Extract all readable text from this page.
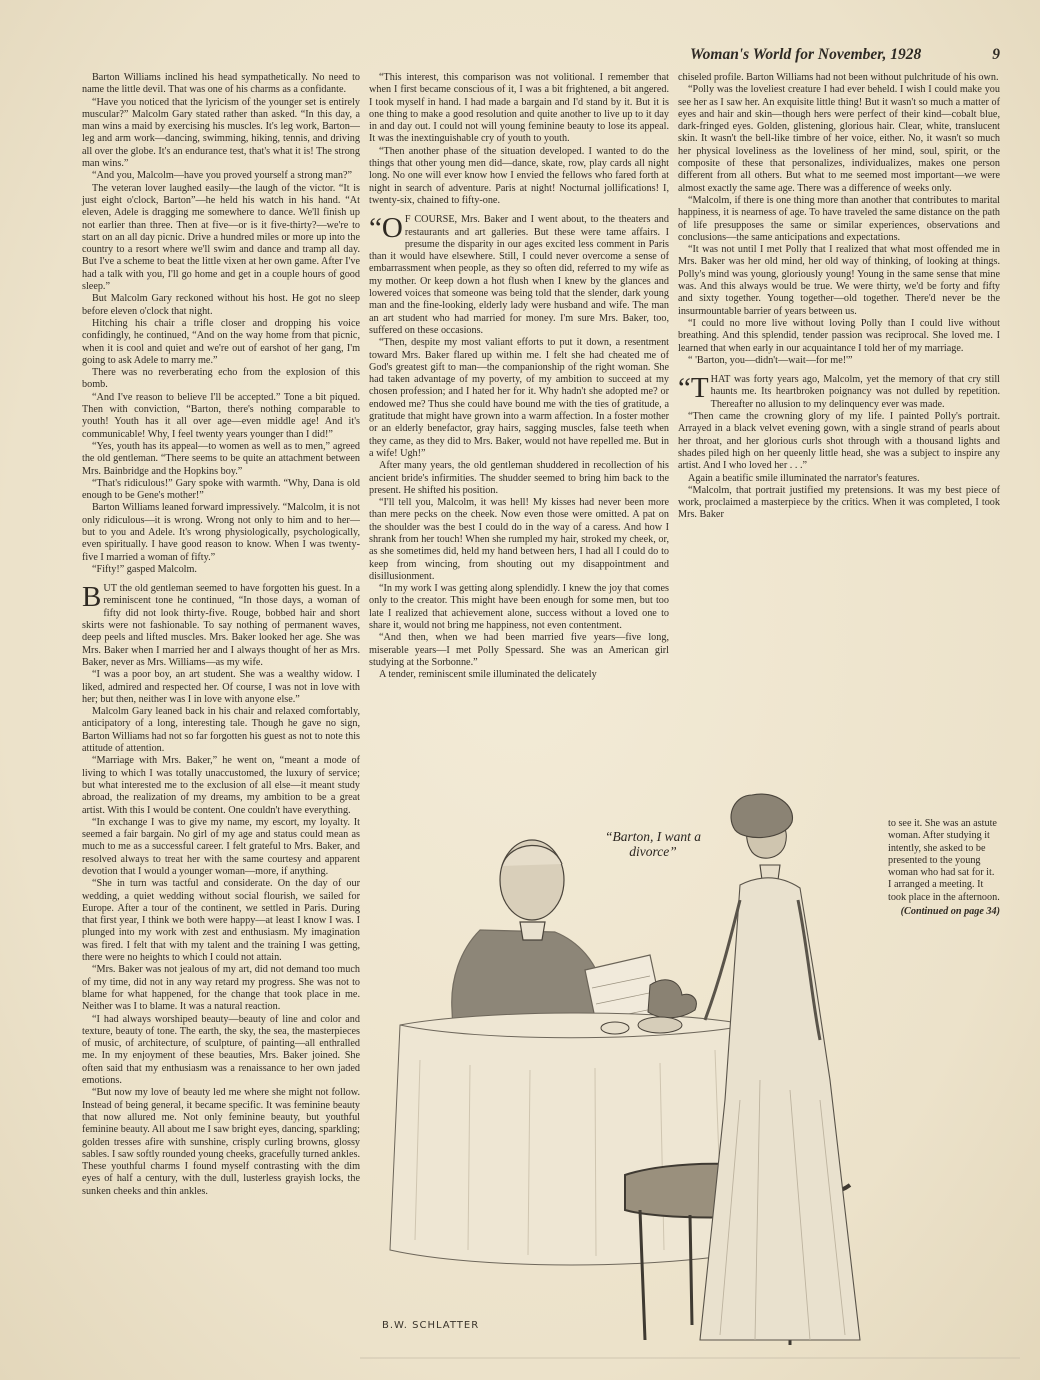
Woman's World for November, 1928	9

Barton Williams inclined his head sympathetically. No need to name the little devil. That was one of his charms as a confidante.

“Have you noticed that the lyricism of the younger set is entirely muscular?” Malcolm Gary stated rather than asked. “In this day, a man wins a maid by exercising his muscles. It's leg work, Barton—leg and arm work—dancing, swimming, hiking, tennis, and driving all over the globe. It's an endurance test, that's what it is! The strong man wins.”

“And you, Malcolm—have you proved yourself a strong man?”

The veteran lover laughed easily—the laugh of the victor. “It is just eight o'clock, Barton”—he held his watch in his hand. “At eleven, Adele is dragging me somewhere to dance. We'll finish up not earlier than three. Then at five—or is it five-thirty?—we're to start on an all day picnic. Drive a hundred miles or more up into the country to a resort where we'll swim and dance and tramp all day. But I've a scheme to beat the little vixen at her own game. After I've had a talk with you, I'll go home and get in a couple hours of good sleep.”

But Malcolm Gary reckoned without his host. He got no sleep before eleven o'clock that night.

Hitching his chair a trifle closer and dropping his voice confidingly, he continued, “And on the way home from that picnic, when it is cool and quiet and we're out of earshot of her gang, I'm going to ask Adele to marry me.”

There was no reverberating echo from the explosion of this bomb.

“And I've reason to believe I'll be accepted.” Tone a bit piqued. Then with conviction, “Barton, there's nothing comparable to youth! Youth has it all over age—even middle age! And it's communicable! Why, I feel twenty years younger than I did!”

“Yes, youth has its appeal—to women as well as to men,” agreed the old gentleman. “There seems to be quite an attachment between Mrs. Bainbridge and the Hopkins boy.”

“That's ridiculous!” Gary spoke with warmth. “Why, Dana is old enough to be Gene's mother!”

Barton Williams leaned forward impressively. “Malcolm, it is not only ridiculous—it is wrong. Wrong not only to him and to her—but to you and Adele. It's wrong physiologically, psychologically, even spiritually. I have good reason to know. When I was twenty-five I married a woman of fifty.”

“Fifty!” gasped Malcolm.

BUT the old gentleman seemed to have forgotten his guest. In a reminiscent tone he continued, “In those days, a woman of fifty did not look thirty-five. Rouge, bobbed hair and short skirts were not fashionable. To say nothing of permanent waves, deep peels and lifted muscles. Mrs. Baker looked her age. She was Mrs. Baker when I married her and I always thought of her as Mrs. Baker, never as Mrs. Williams—as my wife.

“I was a poor boy, an art student. She was a wealthy widow. I liked, admired and respected her. Of course, I was not in love with her; but then, neither was I in love with anyone else.”

Malcolm Gary leaned back in his chair and relaxed comfortably, anticipatory of a long, interesting tale. Though he gave no sign, Barton Williams had not so far forgotten his guest as not to note this attitude of attention.

“Marriage with Mrs. Baker,” he went on, “meant a mode of living to which I was totally unaccustomed, the luxury of service; but what interested me to the exclusion of all else—it meant study abroad, the realization of my dreams, my ambition to be a great artist. With this I would be content. One couldn't have everything.

“In exchange I was to give my name, my escort, my loyalty. It seemed a fair bargain. No girl of my age and status could mean as much to me as a successful career. I felt grateful to Mrs. Baker, and resolved always to treat her with the same courtesy and apparent devotion that I would a younger woman—more, if anything.

“She in turn was tactful and considerate. On the day of our wedding, a quiet wedding without social flourish, we sailed for Europe. After a tour of the continent, we settled in Paris. During that first year, I think we both were happy—at least I know I was. I plunged into my work with zest and enthusiasm. My imagination was fired. I felt that with my talent and the training I was getting, there were no heights to which I could not attain.

“Mrs. Baker was not jealous of my art, did not demand too much of my time, did not in any way retard my progress. She was not to blame for what happened, for the change that took place in me. Neither was I to blame. It was a natural reaction.

“I had always worshiped beauty—beauty of line and color and texture, beauty of tone. The earth, the sky, the sea, the masterpieces of music, of architecture, of sculpture, of painting—all enthralled me. In my enjoyment of these beauties, Mrs. Baker joined. She often said that my enthusiasm was a renaissance to her own jaded emotions.

“But now my love of beauty led me where she might not follow. Instead of being general, it became specific. It was feminine beauty that now allured me. Not only feminine beauty, but youthful feminine beauty. All about me I saw bright eyes, dancing, sparkling; golden tresses afire with sunshine, crisply curling browns, glossy sables. I saw softly rounded young cheeks, gracefully turned ankles. These youthful charms I found myself contrasting with the dim eyes of half a century, with the dull, lusterless grayish locks, the sunken cheeks and thin ankles.

“This interest, this comparison was not volitional. I remember that when I first became conscious of it, I was a bit frightened, a bit angered. I took myself in hand. I had made a bargain and I'd stand by it. But it is one thing to make a good resolution and quite another to live up to it day in and day out. I could not will young feminine beauty to lose its appeal. It was the inextinguishable cry of youth to youth.

“Then another phase of the situation developed. I wanted to do the things that other young men did—dance, skate, row, play cards all night long. No one will ever know how I envied the fellows who fared forth at night in search of adventure. Paris at night! Nocturnal jollifications! I, twenty-six, chained to fifty-one.

“O F COURSE, Mrs. Baker and I went about, to the theaters and restaurants and art galleries. But these were tame affairs. I presume the disparity in our ages excited less comment in Paris than it would have elsewhere. Still, I could never overcome a sense of embarrassment when people, as they so often did, referred to my wife as my mother. Or keep down a hot flush when I knew by the glances and lowered voices that someone was being told that the slender, dark young man and the fine-looking, elderly lady were husband and wife. The man an art student who had married for money. I'm sure Mrs. Baker, too, suffered on these occasions.

“Then, despite my most valiant efforts to put it down, a resentment toward Mrs. Baker flared up within me. I felt she had cheated me of God's greatest gift to man—the companionship of the right woman. She had taken advantage of my poverty, of my ambition to succeed at my chosen profession; and I hated her for it. Why hadn't she adopted me? or endowed me? Thus she could have bound me with the ties of gratitude, a gratitude that might have grown into a warm affection. In a foster mother or an elderly benefactor, gray hairs, sagging muscles, false teeth when they came, as they did to Mrs. Baker, would not have repelled me. But in a wife! Ugh!”

After many years, the old gentleman shuddered in recollection of his ancient bride's infirmities. The shudder seemed to bring him back to the present. He shifted his position.

“I'll tell you, Malcolm, it was hell! My kisses had never been more than mere pecks on the cheek. Now even those were omitted. A pat on the shoulder was the best I could do in the way of a caress. And how I shrank from her touch! When she rumpled my hair, stroked my cheek, or, as she sometimes did, held my hand between hers, I had all I could do to keep from wincing, from shouting out my disappointment and disillusionment.

“In my work I was getting along splendidly. I knew the joy that comes only to the creator. This might have been enough for some men, but too late I realized that achievement alone, success without a loved one to share it, would not bring me happiness, not even contentment.

“And then, when we had been married five years—five long, miserable years—I met Polly Spessard. She was an American girl studying at the Sorbonne.”

A tender, reminiscent smile illuminated the delicately

chiseled profile. Barton Williams had not been without pulchritude of his own.

“Polly was the loveliest creature I had ever beheld. I wish I could make you see her as I saw her. An exquisite little thing! But it wasn't so much a matter of eyes and hair and skin—though hers were perfect of their kind—cobalt blue, dark-fringed eyes. Golden, glistening, glorious hair. Clear, white, translucent skin. It wasn't the bell-like timbre of her voice, either. No, it wasn't so much her physical loveliness as the loveliness of her mind, soul, spirit, or the composite of these that personalizes, individualizes, makes one person different from all others. But what to me seemed most important—we were almost exactly the same age. There was a difference of weeks only.

“Malcolm, if there is one thing more than another that contributes to marital happiness, it is nearness of age. To have traveled the same distance on the path of life presupposes the same or similar experiences, observations and conclusions—the same anticipations and expectations.

“It was not until I met Polly that I realized that what most offended me in Mrs. Baker was her old mind, her old way of thinking, of looking at things. Polly's mind was young, gloriously young! Young in the same sense that mine was. And this always would be true. We were thirty, we'd be forty and fifty and sixty together. Young together—old together. There'd never be the insurmountable barrier of years between us.

“I could no more live without loving Polly than I could live without breathing. And this splendid, tender passion was reciprocal. She loved me. I learned that when early in our acquaintance I told her of my marriage.

“ 'Barton, you—didn't—wait—for me!'”

“THAT was forty years ago, Malcolm, yet the memory of that cry still haunts me. Its heartbroken poignancy was not dulled by repetition. Thereafter no allusion to my delinquency ever was made.

“Then came the crowning glory of my life. I painted Polly's portrait. Arrayed in a black velvet evening gown, with a single strand of pearls about her throat, and her glorious curls shot through with a thousand lights and shades piled high on her queenly little head, she was a subject to inspire any artist. And I who loved her . . .”

Again a beatific smile illuminated the narrator's features.

“Malcolm, that portrait justified my pretensions. It was my best piece of work, proclaimed a masterpiece by the critics. When it was completed, I took Mrs. Baker

to see it. She was an astute woman. After studying it intently, she asked to be presented to the young woman who had sat for it. I arranged a meeting. It took place in the afternoon.

(Continued on page 34)

“Barton, I want a divorce”
B.W. SCHLATTER
